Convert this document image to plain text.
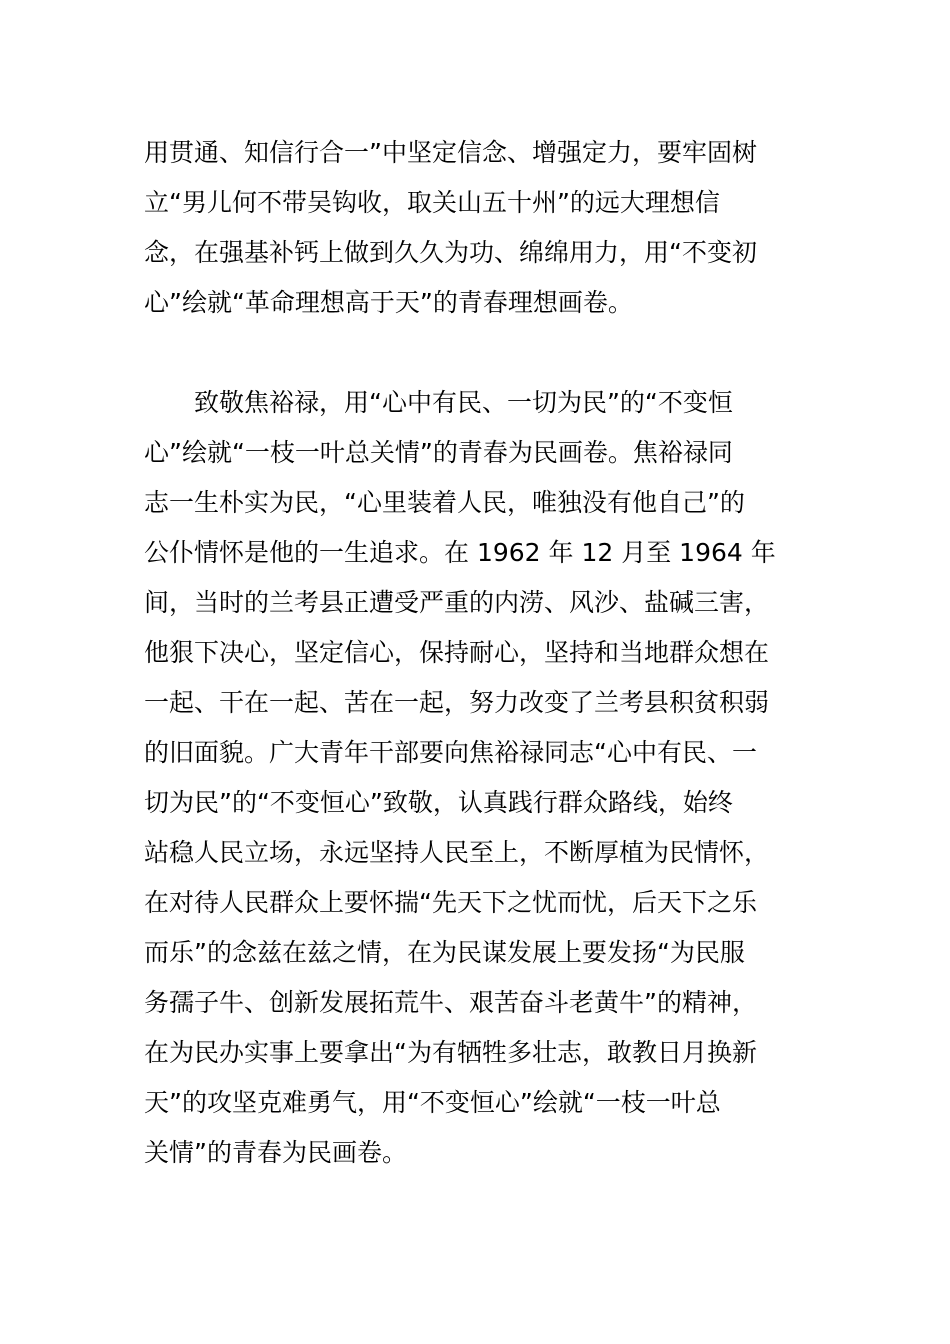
用贯通、知信行合一”中坚定信念、增强定力，要牢固树
立“男儿何不带吴钩收，取关山五十州”的远大理想信
念，在强基补钙上做到久久为功、绵绵用力，用“不变初
心”绘就“革命理想高于天”的青春理想画卷。
　　致敬焦裕禄，用“心中有民、一切为民”的“不变恒
心”绘就“一枝一叶总关情”的青春为民画卷。焦裕禄同
志一生朴实为民，“心里装着人民，唯独没有他自己”的
公仆情怀是他的一生追求。在 1962 年 12 月至 1964 年
间，当时的兰考县正遭受严重的内涝、风沙、盐碱三害，
他狠下决心，坚定信心，保持耐心，坚持和当地群众想在
一起、干在一起、苦在一起，努力改变了兰考县积贫积弱
的旧面貌。广大青年干部要向焦裕禄同志“心中有民、一
切为民”的“不变恒心”致敬，认真践行群众路线，始终
站稳人民立场，永远坚持人民至上，不断厚植为民情怀，
在对待人民群众上要怀揣“先天下之忧而忧，后天下之乐
而乐”的念兹在兹之情，在为民谋发展上要发扬“为民服
务孺子牛、创新发展拓荒牛、艰苦奋斗老黄牛”的精神，
在为民办实事上要拿出“为有牺牲多壮志，敢教日月换新
天”的攻坚克难勇气，用“不变恒心”绘就“一枝一叶总
关情”的青春为民画卷。
